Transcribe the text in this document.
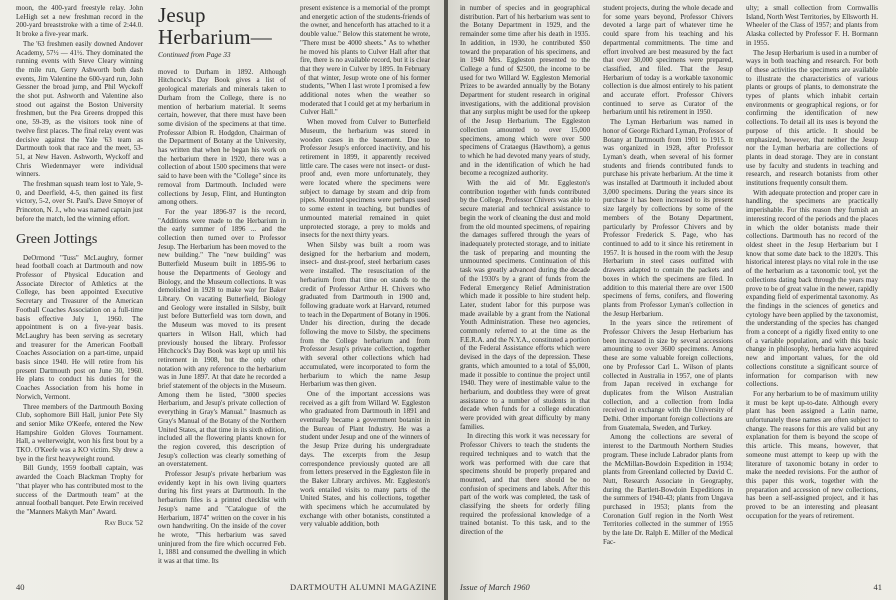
moon, the 400-yard freestyle relay. John LeHigh set a new freshman record in the 200-yard breaststroke with a time of 2:44.0. It broke a five-year mark.

The '63 freshmen easily downed Andover Academy, 57½ — 41½. They dominated the running events with Steve Cleary winning the mile run, Gerry Ashworth both dash events, Jim Valentine the 600-yard run, John Gessner the broad jump, and Phil Wyckoff the shot put. Ashworth and Valentine also stood out against the Boston University freshmen, but the Pea Greens dropped this one, 59-39, as the visitors took nine of twelve first places. The final relay event was decisive against the Yale '63 team as Dartmouth took that race and the meet, 53-51, at New Haven. Ashworth, Wyckoff and Chris Wiedenmayer were individual winners.

The freshman squash team lost to Yale, 9-0, and Deerfield, 4-5, then gained its first victory, 5-2, over St. Paul's. Dave Smoyer of Princeton, N. J., who was named captain just before the match, led the winning effort.

Green Jottings

DeOrmond "Tuss" McLaughry, former head football coach at Dartmouth and now Professor of Physical Education and Associate Director of Athletics at the College, has been appointed Executive Secretary and Treasurer of the American Football Coaches Association on a full-time basis effective July 1, 1960. The appointment is on a five-year basis. McLaughry has been serving as secretary and treasurer for the American Football Coaches Association on a part-time, unpaid basis since 1940. He will retire from his present Dartmouth post on June 30, 1960. He plans to conduct his duties for the Coaches Association from his home in Norwich, Vermont.

Three members of the Dartmouth Boxing Club, sophomore Bill Hall, junior Pete Sly and senior Mike O'Keefe, entered the New Hampshire Golden Gloves Tournament. Hall, a welterweight, won his first bout by a TKO. O'Keefe was a KO victim. Sly drew a bye in the first heavyweight round.

Bill Gundy, 1959 football captain, was awarded the Coach Blackman Trophy for "that player who has contributed most to the success of the Dartmouth team" at the annual football banquet. Pete Erwin received the "Manners Makyth Man" Award.

Ray Buck '52
Jesup Herbarium—
Continued from Page 33

moved to Durham in 1892. Although Hitchcock's Day Book gives a list of geological materials and minerals taken to Durham from the College, there is no mention of herbarium material. It seems certain, however, that there must have been some division of the specimens at that time. Professor Albion R. Hodgdon, Chairman of the Department of Botany at the University, has written that when he began his work on the herbarium there in 1920, there was a collection of about 1500 specimens that were said to have been with the "College" since its removal from Dartmouth. Included were collections by Jesup, Flint, and Huntington among others.

For the year 1896-97 is the record, "Additions were made to the Herbarium in the early summer of 1896 ... and the collection then turned over to Professor Jesup. The Herbarium has been moved to the new building." The "new building" was Butterfield Museum built in 1895-96 to house the Departments of Geology and Biology, and the Museum collections. It was demolished in 1928 to make way for Baker Library. On vacating Butterfield, Biology and Geology were installed in Silsby, built just before Butterfield was torn down, and the Museum was moved to its present quarters in Wilson Hall, which had previously housed the library. Professor Hitchcock's Day Book was kept up until his retirement in 1908, but the only other notation with any reference to the herbarium was in June 1897. At that date he recorded a brief statement of the objects in the Museum. Among them he listed, "3000 species Herbarium, and Jesup's private collection of everything in Gray's Manual." Inasmuch as Gray's Manual of the Botany of the Northern United States, at that time in its sixth edition, included all the flowering plants known for the region covered, this description of Jesup's collection was clearly something of an overstatement.

Professor Jesup's private herbarium was evidently kept in his own living quarters during his first years at Dartmouth. In the herbarium files is a printed checklist with Jesup's name and "Catalogue of the Herbarium, 1874" written on the cover in his own handwriting. On the inside of the cover he wrote, "This herbarium was saved uninjured from the fire which occurred Feb. 1, 1881 and consumed the dwelling in which it was at that time. Its

present existence is a memorial of the prompt and energetic action of the students-friends of the owner, and henceforth has attached to it a double value." Below this statement he wrote, "There must be 4000 sheets." As to whether he moved his plants to Culver Hall after that fire, there is no available record, but it is clear that they were in Culver by 1895. In February of that winter, Jesup wrote one of his former students, "When I last wrote I promised a few additional notes when the weather so moderated that I could get at my herbarium in Culver Hall."

When moved from Culver to Butterfield Museum, the herbarium was stored in wooden cases in the basement. Due to Professor Jesup's enforced inactivity, and his retirement in 1899, it apparently received little care. The cases were not insect- or dust-proof and, even more unfortunately, they were located where the specimens were subject to damage by steam and drip from pipes. Mounted specimens were perhaps used to some extent in teaching, but bundles of unmounted material remained in quiet unprotected storage, a prey to molds and insects for the next thirty years.

When Silsby was built a room was designed for the herbarium and modern, insect- and dust-proof, steel herbarium cases were installed. The resuscitation of the herbarium from that time on stands to the credit of Professor Arthur H. Chivers who graduated from Dartmouth in 1900 and, following graduate work at Harvard, returned to teach in the Department of Botany in 1906. Under his direction, during the decade following the move to Silsby, the specimens from the College herbarium and from Professor Jesup's private collection, together with several other collections which had accumulated, were incorporated to form the herbarium to which the name Jesup Herbarium was then given.

One of the important accessions was received as a gift from Willard W. Eggleston who graduated from Dartmouth in 1891 and eventually became a government botanist in the Bureau of Plant Industry. He was a student under Jesup and one of the winners of the Jesup Prize during his undergraduate days. The excerpts from the Jesup correspondence previously quoted are all from letters preserved in the Eggleston file in the Baker Library archives. Mr. Eggleston's work entailed visits to many parts of the United States, and his collections, together with specimens which he accumulated by exchange with other botanists, constituted a very valuable addition, both

40	DARTMOUTH ALUMNI MAGAZINE

in number of species and in geographical distribution. Part of his herbarium was sent to the Botany Department in 1929, and the remainder some time after his death in 1935. In addition, in 1930, he contributed $50 toward the preparation of his specimens, and in 1940 Mrs. Eggleston presented to the College a fund of $2500, the income to be used for two Willard W. Eggleston Memorial Prizes to be awarded annually by the Botany Department for student research in original investigations, with the additional provision that any surplus might be used for the upkeep of the Jesup Herbarium. The Eggleston collection amounted to over 15,000 specimens, among which were over 500 specimens of Crataegus (Hawthorn), a genus to which he had devoted many years of study, and in the identification of which he had become a recognized authority.

With the aid of Mr. Eggleston's contribution together with funds contributed by the College, Professor Chivers was able to secure material and technical assistance to begin the work of cleaning the dust and mold from the old mounted specimens, of repairing the damages suffered through the years of inadequately protected storage, and to initiate the task of preparing and mounting the unmounted specimens. Continuation of this task was greatly advanced during the decade of the 1930's by a grant of funds from the Federal Emergency Relief Administration which made it possible to hire student help. Later, student labor for this purpose was made available by a grant from the National Youth Administration. These two agencies, commonly referred to at the time as the F.E.R.A. and the N.Y.A., constituted a portion of the Federal Assistance efforts which were devised in the days of the depression. These grants, which amounted to a total of $5,000, made it possible to continue the project until 1940. They were of inestimable value to the herbarium, and doubtless they were of great assistance to a number of students in that decade when funds for a college education were provided with great difficulty by many families.

In directing this work it was necessary for Professor Chivers to teach the students the required techniques and to watch that the work was performed with due care that specimens should be properly prepared and mounted, and that there should be no confusion of specimens and labels. After this part of the work was completed, the task of classifying the sheets for orderly filing required the professional knowledge of a trained botanist. To this task, and to the direction of the

student projects, during the whole decade and for some years beyond, Professor Chivers devoted a large part of whatever time he could spare from his teaching and his departmental commitments. The time and effort involved are best measured by the fact that over 30,000 specimens were prepared, classified, and filed. That the Jesup Herbarium of today is a workable taxonomic collection is due almost entirely to his patient and accurate effort. Professor Chivers continued to serve as Curator of the herbarium until his retirement in 1950.

The Lyman Herbarium was named in honor of George Richard Lyman, Professor of Botany at Dartmouth from 1901 to 1915. It was organized in 1928, after Professor Lyman's death, when several of his former students and friends contributed funds to purchase his private herbarium. At the time it was installed at Dartmouth it included about 3,000 specimens. During the years since its purchase it has been increased to its present size largely by collections by some of the members of the Botany Department, particularly by Professor Chivers and by Professor Frederick S. Page, who has continued to add to it since his retirement in 1957. It is housed in the room with the Jesup Herbarium in steel cases outfitted with drawers adapted to contain the packets and boxes in which the specimens are filed. In addition to this material there are over 1500 specimens of ferns, conifers, and flowering plants from Professor Lyman's collection in the Jesup Herbarium.

In the years since the retirement of Professor Chivers the Jesup Herbarium has been increased in size by several accessions amounting to over 3600 specimens. Among these are some valuable foreign collections, one by Professor Carl L. Wilson of plants collected in Australia in 1957, one of plants from Japan received in exchange for duplicates from the Wilson Australian collection, and a collection from India received in exchange with the University of Delhi. Other important foreign collections are from Guatemala, Sweden, and Turkey.

Among the collections are several of interest to the Dartmouth Northern Studies program. These include Labrador plants from the McMillan-Bowdoin Expedition in 1934; plants from Greenland collected by David C. Nutt, Research Associate in Geography, during the Bartlett-Bowdoin Expeditions in the summers of 1940-43; plants from Ungava purchased in 1953; plants from the Coronation Gulf region in the North West Territories collected in the summer of 1955 by the late Dr. Ralph E. Miller of the Medical Fac-

ulty; a small collection from Cornwallis Island, North West Territories, by Ellsworth H. Wheeler of the Class of 1957; and plants from Alaska collected by Professor F. H. Bormann in 1955.

The Jesup Herbarium is used in a number of ways in both teaching and research. For both of these activities the specimens are available to illustrate the characteristics of various plants or groups of plants, to demonstrate the types of plants which inhabit certain environments or geographical regions, or for confirming the identification of new collections. To detail all its uses is beyond the purpose of this article. It should be emphasized, however, that neither the Jesup nor the Lyman herbaria are collections of plants in dead storage. They are in constant use by faculty and students in teaching and research, and research botanists from other institutions frequently consult them.

With adequate protection and proper care in handling, the specimens are practically imperishable. For this reason they furnish an interesting record of the periods and the places in which the older botanists made their collections. Dartmouth has no record of the oldest sheet in the Jesup Herbarium but I know that some date back to the 1820's. This historical interest plays no vital role in the use of the herbarium as a taxonomic tool, yet the collections dating back through the years may prove to be of great value in the newer, rapidly expanding field of experimental taxonomy. As the findings in the sciences of genetics and cytology have been applied by the taxonomist, the understanding of the species has changed from a concept of a rigidly fixed entity to one of a variable population, and with this basic change in philosophy, herbaria have acquired new and important values, for the old collections constitute a significant source of information for comparison with new collections.

For any herbarium to be of maximum utility it must be kept up-to-date. Although every plant has been assigned a Latin name, unfortunately these names are often subject to change. The reasons for this are valid but any explanation for them is beyond the scope of this article. This means, however, that someone must attempt to keep up with the literature of taxonomic botany in order to make the needed revisions. For the author of this paper this work, together with the preparation and accession of new collections, has been a self-assigned project, and it has proved to be an interesting and pleasant occupation for the years of retirement.

Issue of March 1960	41
